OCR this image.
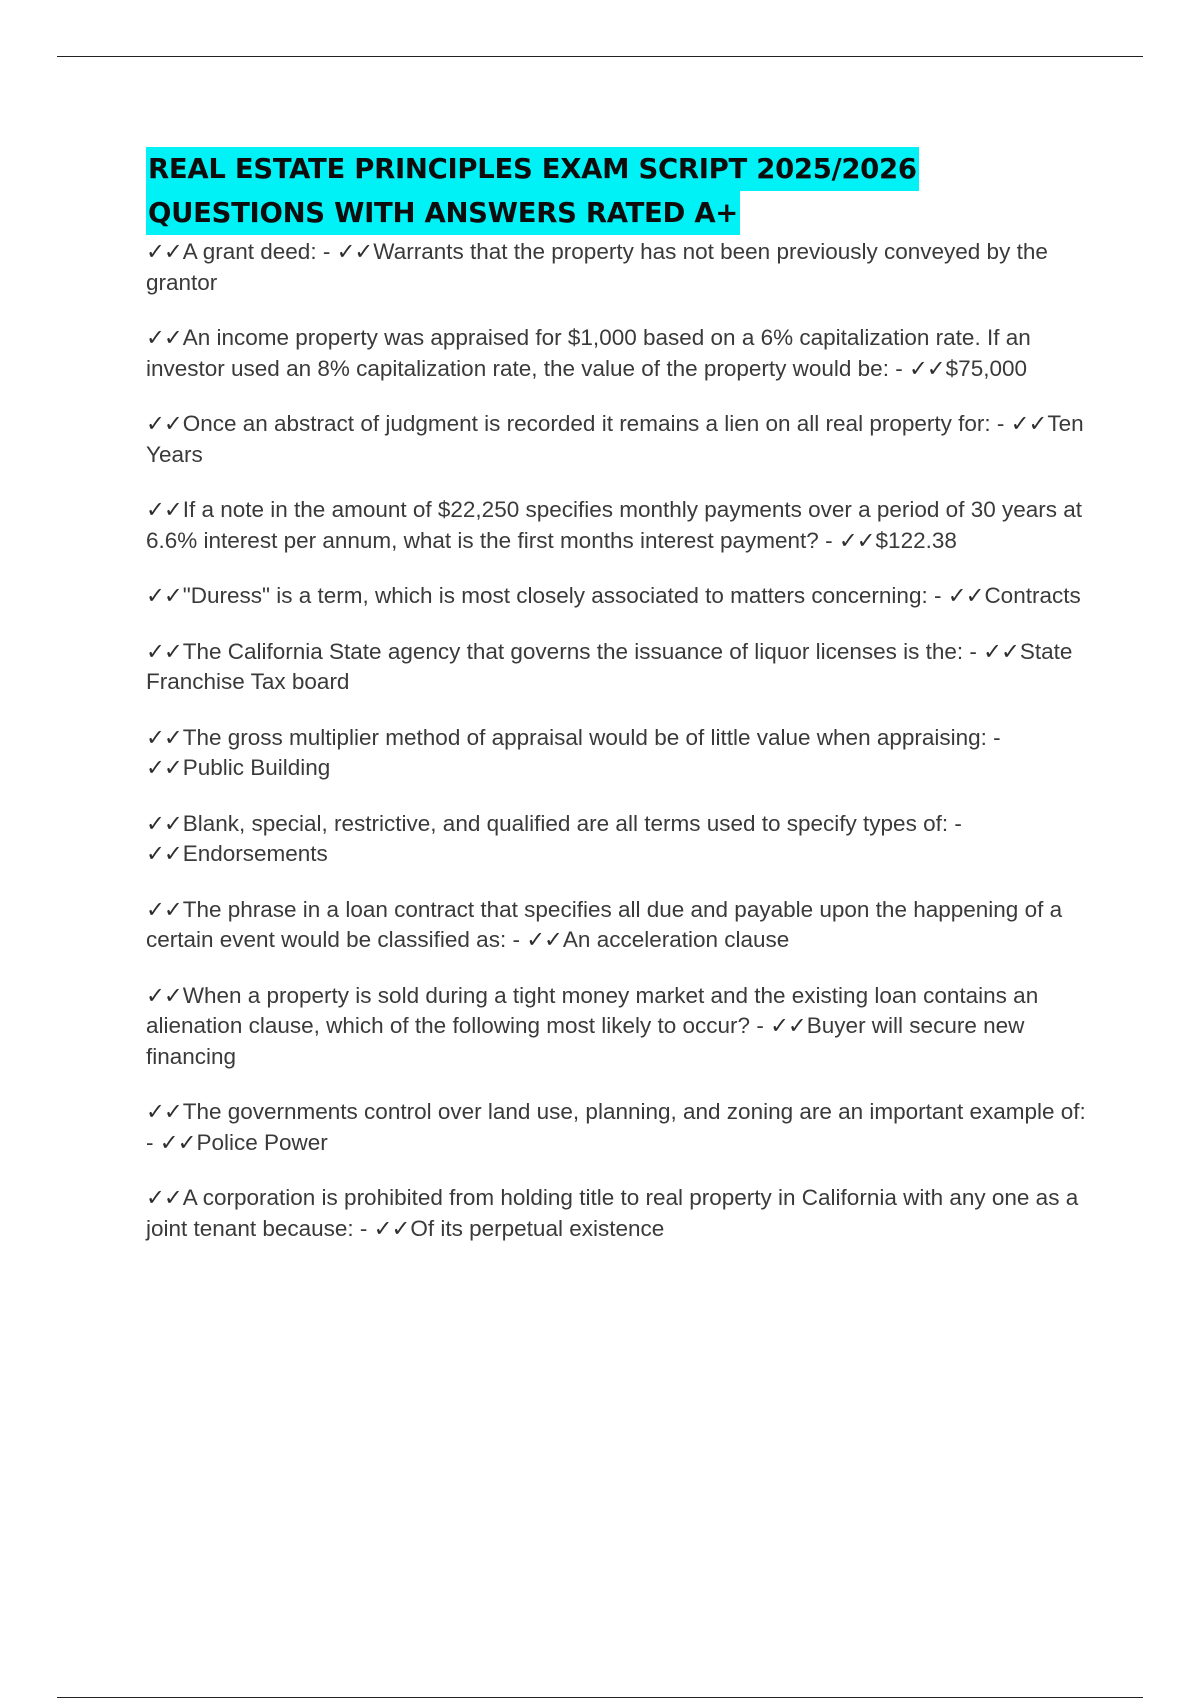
REAL ESTATE PRINCIPLES EXAM SCRIPT 2025/2026
QUESTIONS WITH ANSWERS RATED A+

✓✓A grant deed: - ✓✓Warrants that the property has not been previously conveyed by the grantor

✓✓An income property was appraised for $1,000 based on a 6% capitalization rate. If an investor used an 8% capitalization rate, the value of the property would be: - ✓✓$75,000

✓✓Once an abstract of judgment is recorded it remains a lien on all real property for: - ✓✓Ten Years

✓✓If a note in the amount of $22,250 specifies monthly payments over a period of 30 years at 6.6% interest per annum, what is the first months interest payment? - ✓✓$122.38

✓✓"Duress" is a term, which is most closely associated to matters concerning: - ✓✓Contracts

✓✓The California State agency that governs the issuance of liquor licenses is the: - ✓✓State Franchise Tax board

✓✓The gross multiplier method of appraisal would be of little value when appraising: - ✓✓Public Building

✓✓Blank, special, restrictive, and qualified are all terms used to specify types of: - ✓✓Endorsements

✓✓The phrase in a loan contract that specifies all due and payable upon the happening of a certain event would be classified as: - ✓✓An acceleration clause

✓✓When a property is sold during a tight money market and the existing loan contains an alienation clause, which of the following most likely to occur? - ✓✓Buyer will secure new financing

✓✓The governments control over land use, planning, and zoning are an important example of: - ✓✓Police Power

✓✓A corporation is prohibited from holding title to real property in California with any one as a joint tenant because: - ✓✓Of its perpetual existence
